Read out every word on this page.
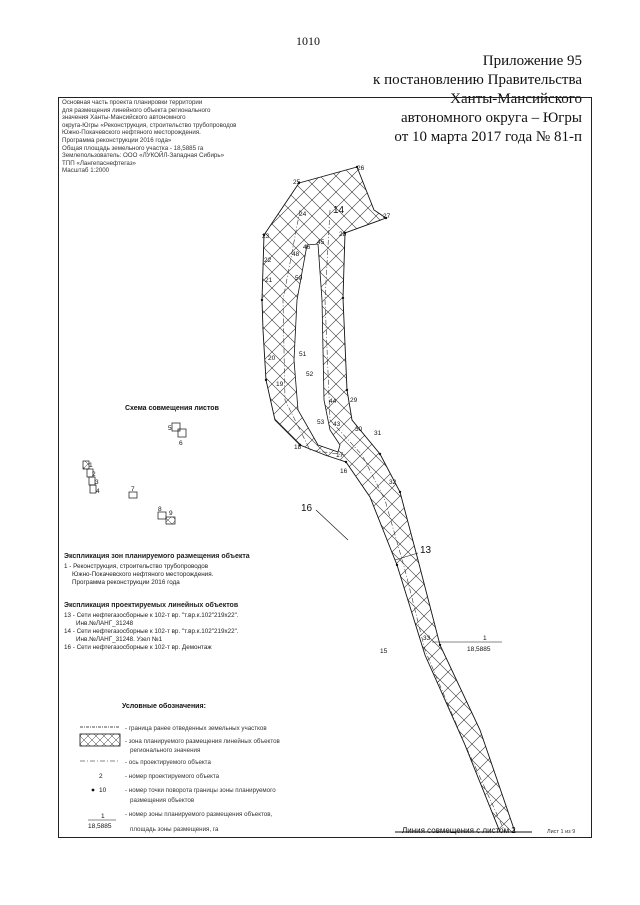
1010
Приложение 95
к постановлению Правительства
Ханты-Мансийского
автономного округа – Югры
от 10 марта 2017 года № 81-п
Основная часть проекта планировки территории
для размещения линейного объекта регионального
значения Ханты-Мансийского автономного
округа-Югры «Реконструкция, строительство трубопроводов
Южно-Покачевского нефтяного месторождения.
Программа реконструкции 2016 года»
Общая площадь земельного участка - 18,5885 га
Землепользователь: ООО «ЛУКОЙЛ-Западная Сибирь»
ТПП «Лангепаснефтегаз»
Масштаб 1:2000
Схема совмещения листов
Экспликация зон планируемого размещения объекта
1 - Реконструкция, строительство трубопроводов
Южно-Покачевского нефтяного месторождения.
Программа реконструкции 2016 года
Экспликация проектируемых линейных объектов
13 - Сети нефтегазосборные к 102-т вр. "т.вр.к.102"219x22".
Инв.№ЛАНГ_31248
14 - Сети нефтегазосборные к 102-т вр. "т.вр.к.102"219x22".
Инв.№ЛАНГ_31248. Узел №1
16 - Сети нефтегазосборные к 102-т вр. Демонтаж
Условные обозначения:
- граница ранее отведенных земельных участков
- зона планируемого размещения линейных объектов
регионального значения
- ось проектируемого объекта
- номер проектируемого объекта
- номер точки поворота границы зоны планируемого
размещения объектов
- номер зоны планируемого размещения объектов,
площадь зоны размещения, га
25
26
27
24	14
23
48
46
45
28
22
50
21
20
51
52
19
44 29
53 43
30
31
18
17
16
32
15
33
16
13
1
18,5885
1
2
3
4
5
6
7
8
9
2
10
1
18,5885	Линия совмещения с листом 2	Лист 1 из 9
